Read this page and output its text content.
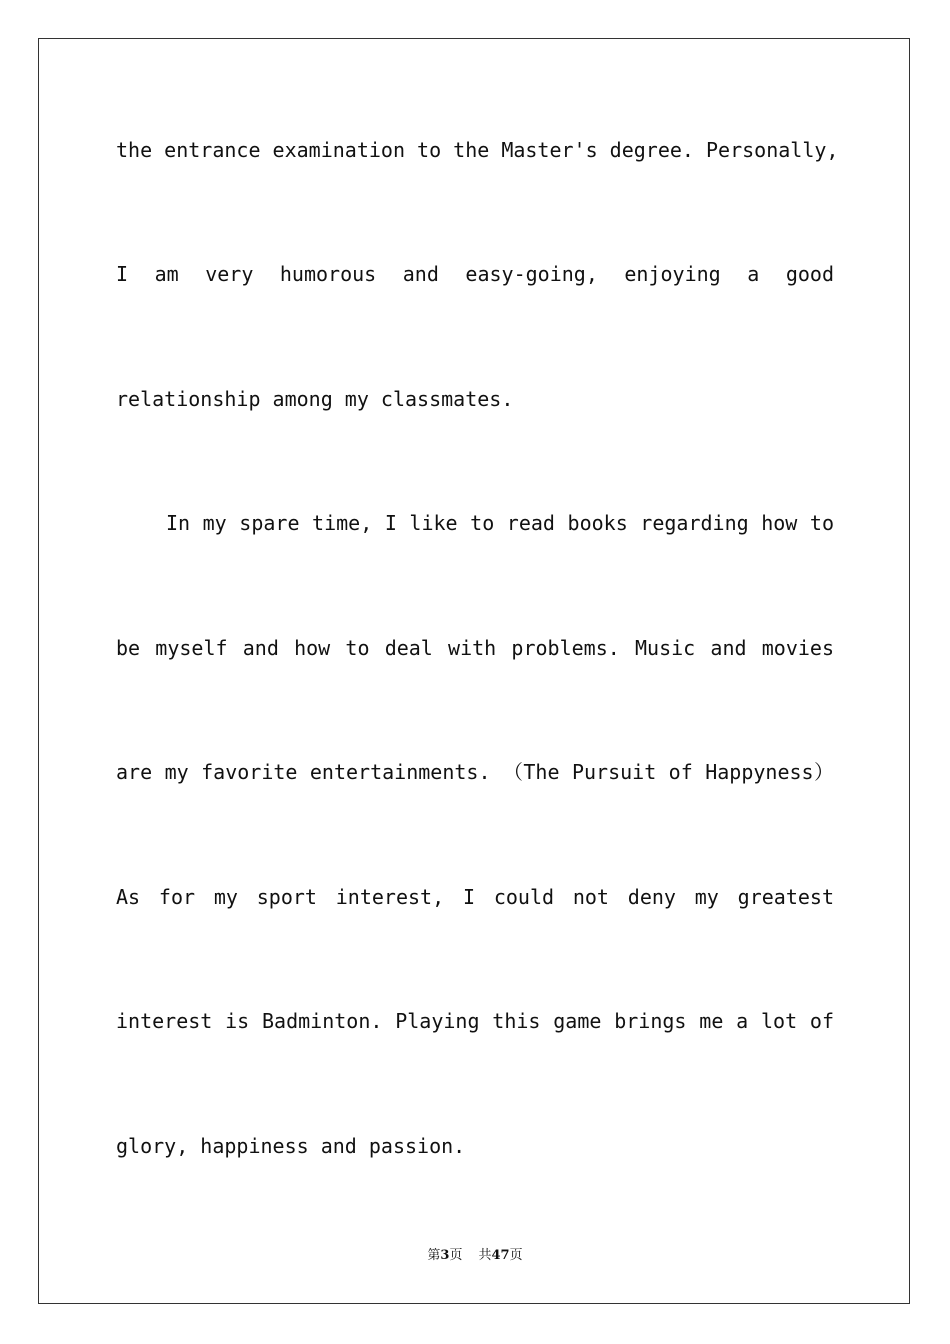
the entrance examination to the Master's degree. Personally,
I am very humorous and easy-going, enjoying a good
relationship among my classmates.
In my spare time, I like to read books regarding how to
be myself and how to deal with problems. Music and movies
are my favorite entertainments. （The Pursuit of Happyness）
As for my sport interest, I could not deny my greatest
interest is Badminton. Playing this game brings me a lot of
glory, happiness and passion.
第3页 共47页
